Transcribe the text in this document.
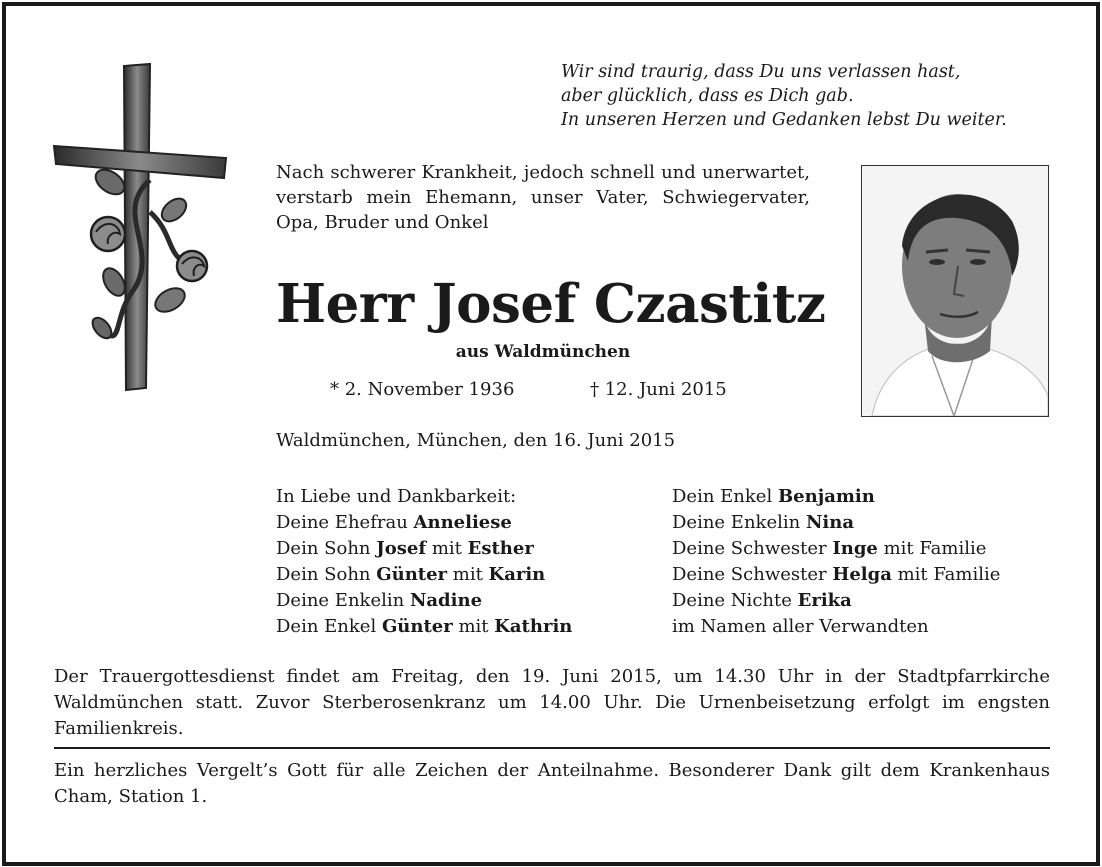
Wir sind traurig, dass Du uns verlassen hast,
aber glücklich, dass es Dich gab.
In unseren Herzen und Gedanken lebst Du weiter.
Nach schwerer Krankheit, jedoch schnell und unerwartet, verstarb mein Ehemann, unser Vater, Schwiegervater, Opa, Bruder und Onkel
Herr Josef Czastitz
aus Waldmünchen
* 2. November 1936	† 12. Juni 2015
Waldmünchen, München, den 16. Juni 2015
In Liebe und Dankbarkeit:
Deine Ehefrau Anneliese
Dein Sohn Josef mit Esther
Dein Sohn Günter mit Karin
Deine Enkelin Nadine
Dein Enkel Günter mit Kathrin
Dein Enkel Benjamin
Deine Enkelin Nina
Deine Schwester Inge mit Familie
Deine Schwester Helga mit Familie
Deine Nichte Erika
im Namen aller Verwandten
Der Trauergottesdienst findet am Freitag, den 19. Juni 2015, um 14.30 Uhr in der Stadtpfarrkirche Waldmünchen statt. Zuvor Sterberosenkranz um 14.00 Uhr. Die Urnenbeisetzung erfolgt im engsten Familienkreis.
Ein herzliches Vergelt’s Gott für alle Zeichen der Anteilnahme. Besonderer Dank gilt dem Krankenhaus Cham, Station 1.
